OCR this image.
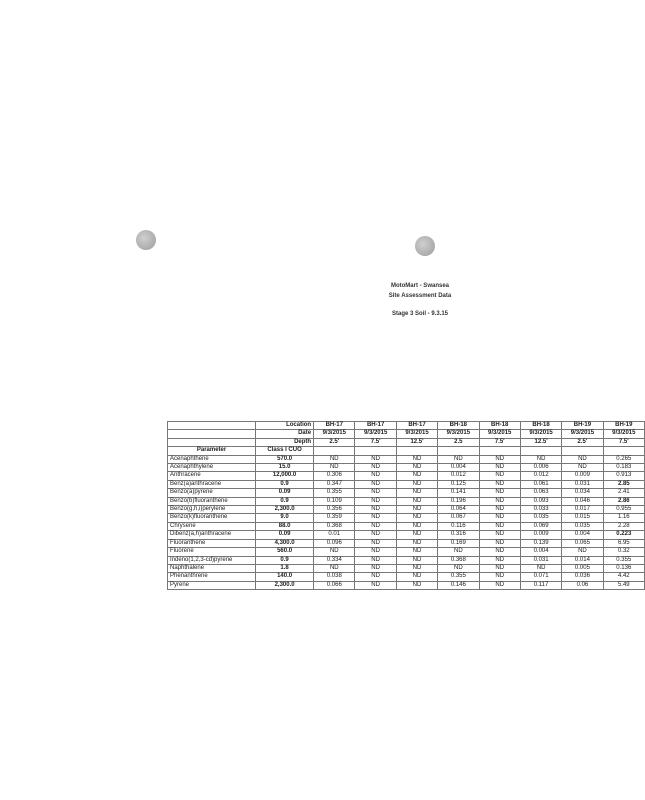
MotoMart - Swansea
Site Assessment Data
Stage 3 Soil - 9.3.15
	Location	BH-17	BH-17	BH-17	BH-18	BH-18	BH-18	BH-19	BH-19
	Date	9/3/2015	9/3/2015	9/3/2015	9/3/2015	9/3/2015	9/3/2015	9/3/2015	9/3/2015
	Depth	2.5'	7.5'	12.5'	2.5	7.5'	12.5'	2.5'	7.5'
Parameter	Class I CUO								
Acenaphthene	570.0	ND	ND	ND	ND	ND	ND	ND	0.265
Acenaphthylene	15.0	ND	ND	ND	0.004	ND	0.006	ND	0.183
Anthracene	12,000.0	0.306	ND	ND	0.012	ND	0.012	0.009	0.913
Benz(a)anthracene	0.9	0.347	ND	ND	0.125	ND	0.061	0.031	2.85
Benzo(a)pyrene	0.09	0.355	ND	ND	0.141	ND	0.063	0.034	2.41
Benzo(b)fluoranthene	0.9	0.109	ND	ND	0.196	ND	0.093	0.046	2.86
Benzo(g,h,i)perylene	2,300.0	0.356	ND	ND	0.064	ND	0.033	0.017	0.955
Benzo(k)fluoranthene	9.0	0.359	ND	ND	0.067	ND	0.035	0.015	1.16
Chrysene	88.0	0.368	ND	ND	0.116	ND	0.069	0.035	2.28
Dibenz(a,h)anthracene	0.09	0.01	ND	ND	0.316	ND	0.009	0.004	0.223
Fluoranthene	4,300.0	0.096	ND	ND	0.169	ND	0.139	0.065	6.95
Fluorene	560.0	ND	ND	ND	ND	ND	0.004	ND	0.32
Indeno(1,2,3-cd)pyrene	0.9	0.334	ND	ND	0.368	ND	0.031	0.014	0.355
Naphthalene	1.8	ND	ND	ND	ND	ND	ND	0.005	0.136
Phenanthrene	140.0	0.038	ND	ND	0.355	ND	0.071	0.036	4.42
Pyrene	2,300.0	0.066	ND	ND	0.146	ND	0.117	0.06	5.49
